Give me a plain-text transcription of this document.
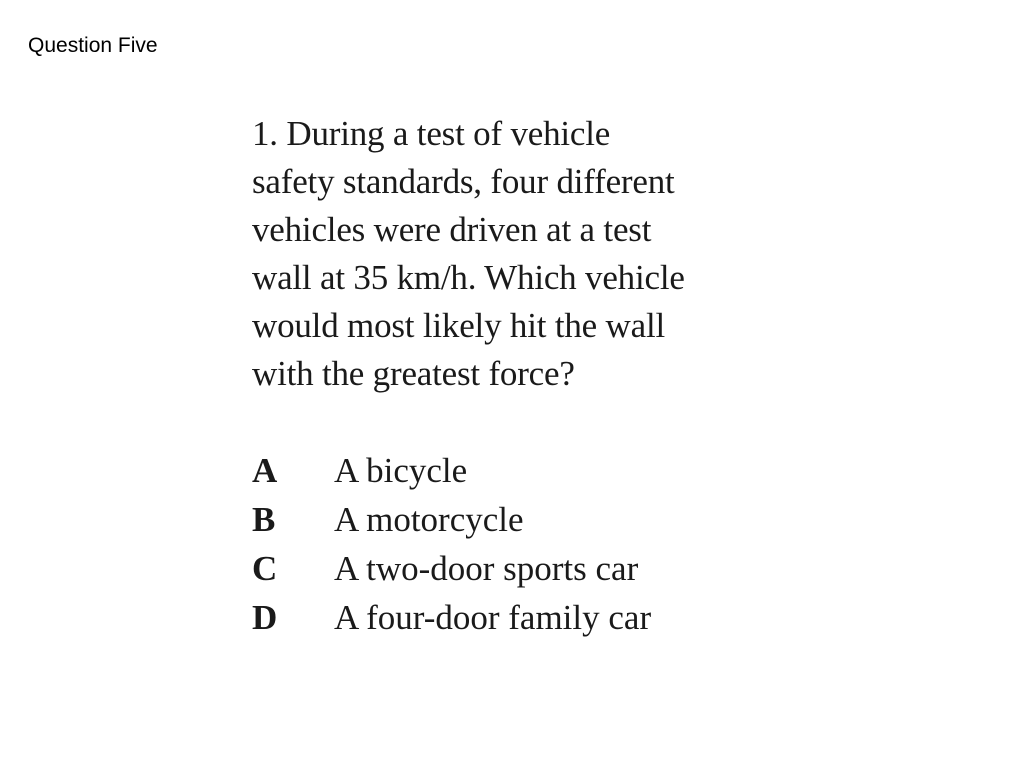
Question Five

1. During a test of vehicle
safety standards, four different
vehicles were driven at a test
wall at 35 km/h. Which vehicle
would most likely hit the wall
with the greatest force?

A	A bicycle
B	A motorcycle
C	A two-door sports car
D	A four-door family car
